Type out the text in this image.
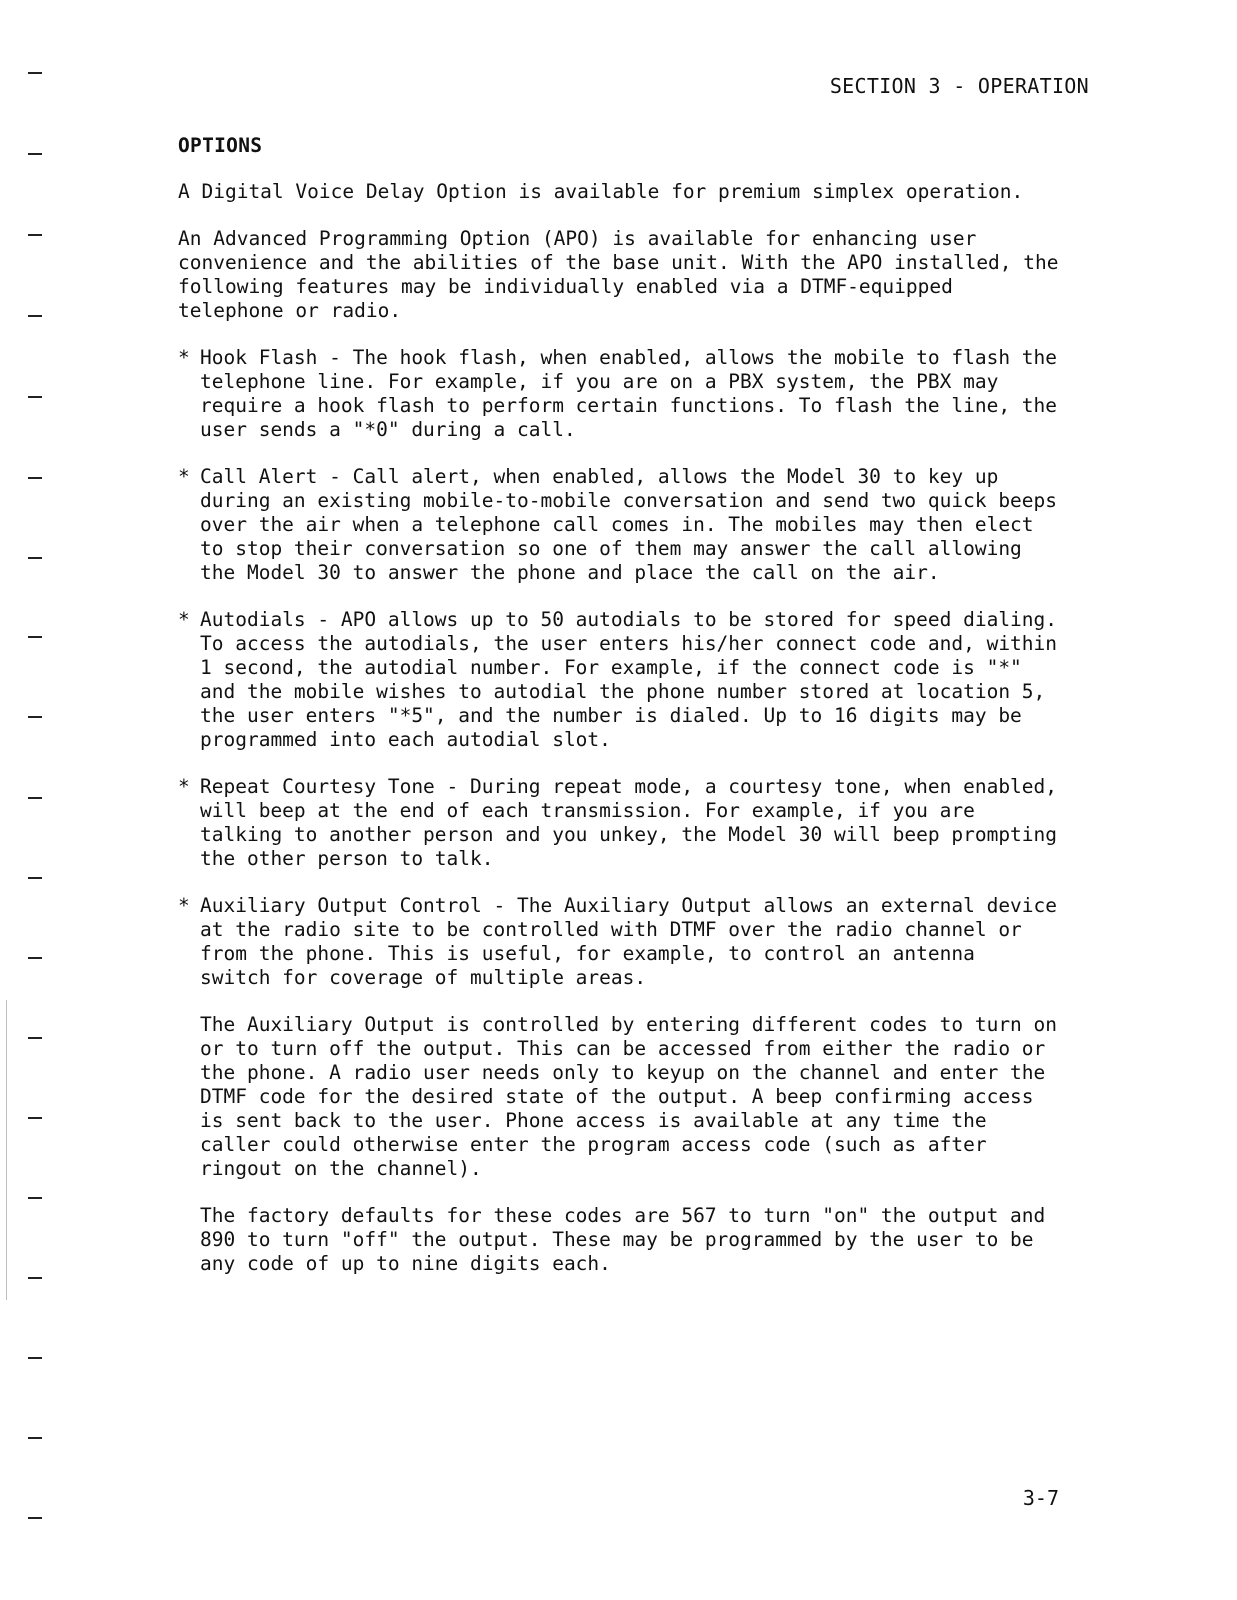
SECTION 3 - OPERATION
OPTIONS

A Digital Voice Delay Option is available for premium simplex operation.

An Advanced Programming Option (APO) is available for enhancing user
convenience and the abilities of the base unit. With the APO installed, the
following features may be individually enabled via a DTMF-equipped
telephone or radio.

* Hook Flash - The hook flash, when enabled, allows the mobile to flash the
telephone line. For example, if you are on a PBX system, the PBX may
require a hook flash to perform certain functions. To flash the line, the
user sends a "*0" during a call.
* Call Alert - Call alert, when enabled, allows the Model 30 to key up
during an existing mobile-to-mobile conversation and send two quick beeps
over the air when a telephone call comes in. The mobiles may then elect
to stop their conversation so one of them may answer the call allowing
the Model 30 to answer the phone and place the call on the air.
* Autodials - APO allows up to 50 autodials to be stored for speed dialing.
To access the autodials, the user enters his/her connect code and, within
1 second, the autodial number. For example, if the connect code is "*"
and the mobile wishes to autodial the phone number stored at location 5,
the user enters "*5", and the number is dialed. Up to 16 digits may be
programmed into each autodial slot.
* Repeat Courtesy Tone - During repeat mode, a courtesy tone, when enabled,
will beep at the end of each transmission. For example, if you are
talking to another person and you unkey, the Model 30 will beep prompting
the other person to talk.
* Auxiliary Output Control - The Auxiliary Output allows an external device
at the radio site to be controlled with DTMF over the radio channel or
from the phone. This is useful, for example, to control an antenna
switch for coverage of multiple areas.

The Auxiliary Output is controlled by entering different codes to turn on
or to turn off the output. This can be accessed from either the radio or
the phone. A radio user needs only to keyup on the channel and enter the
DTMF code for the desired state of the output. A beep confirming access
is sent back to the user. Phone access is available at any time the
caller could otherwise enter the program access code (such as after
ringout on the channel).

The factory defaults for these codes are 567 to turn "on" the output and
890 to turn "off" the output. These may be programmed by the user to be
any code of up to nine digits each.

3-7
